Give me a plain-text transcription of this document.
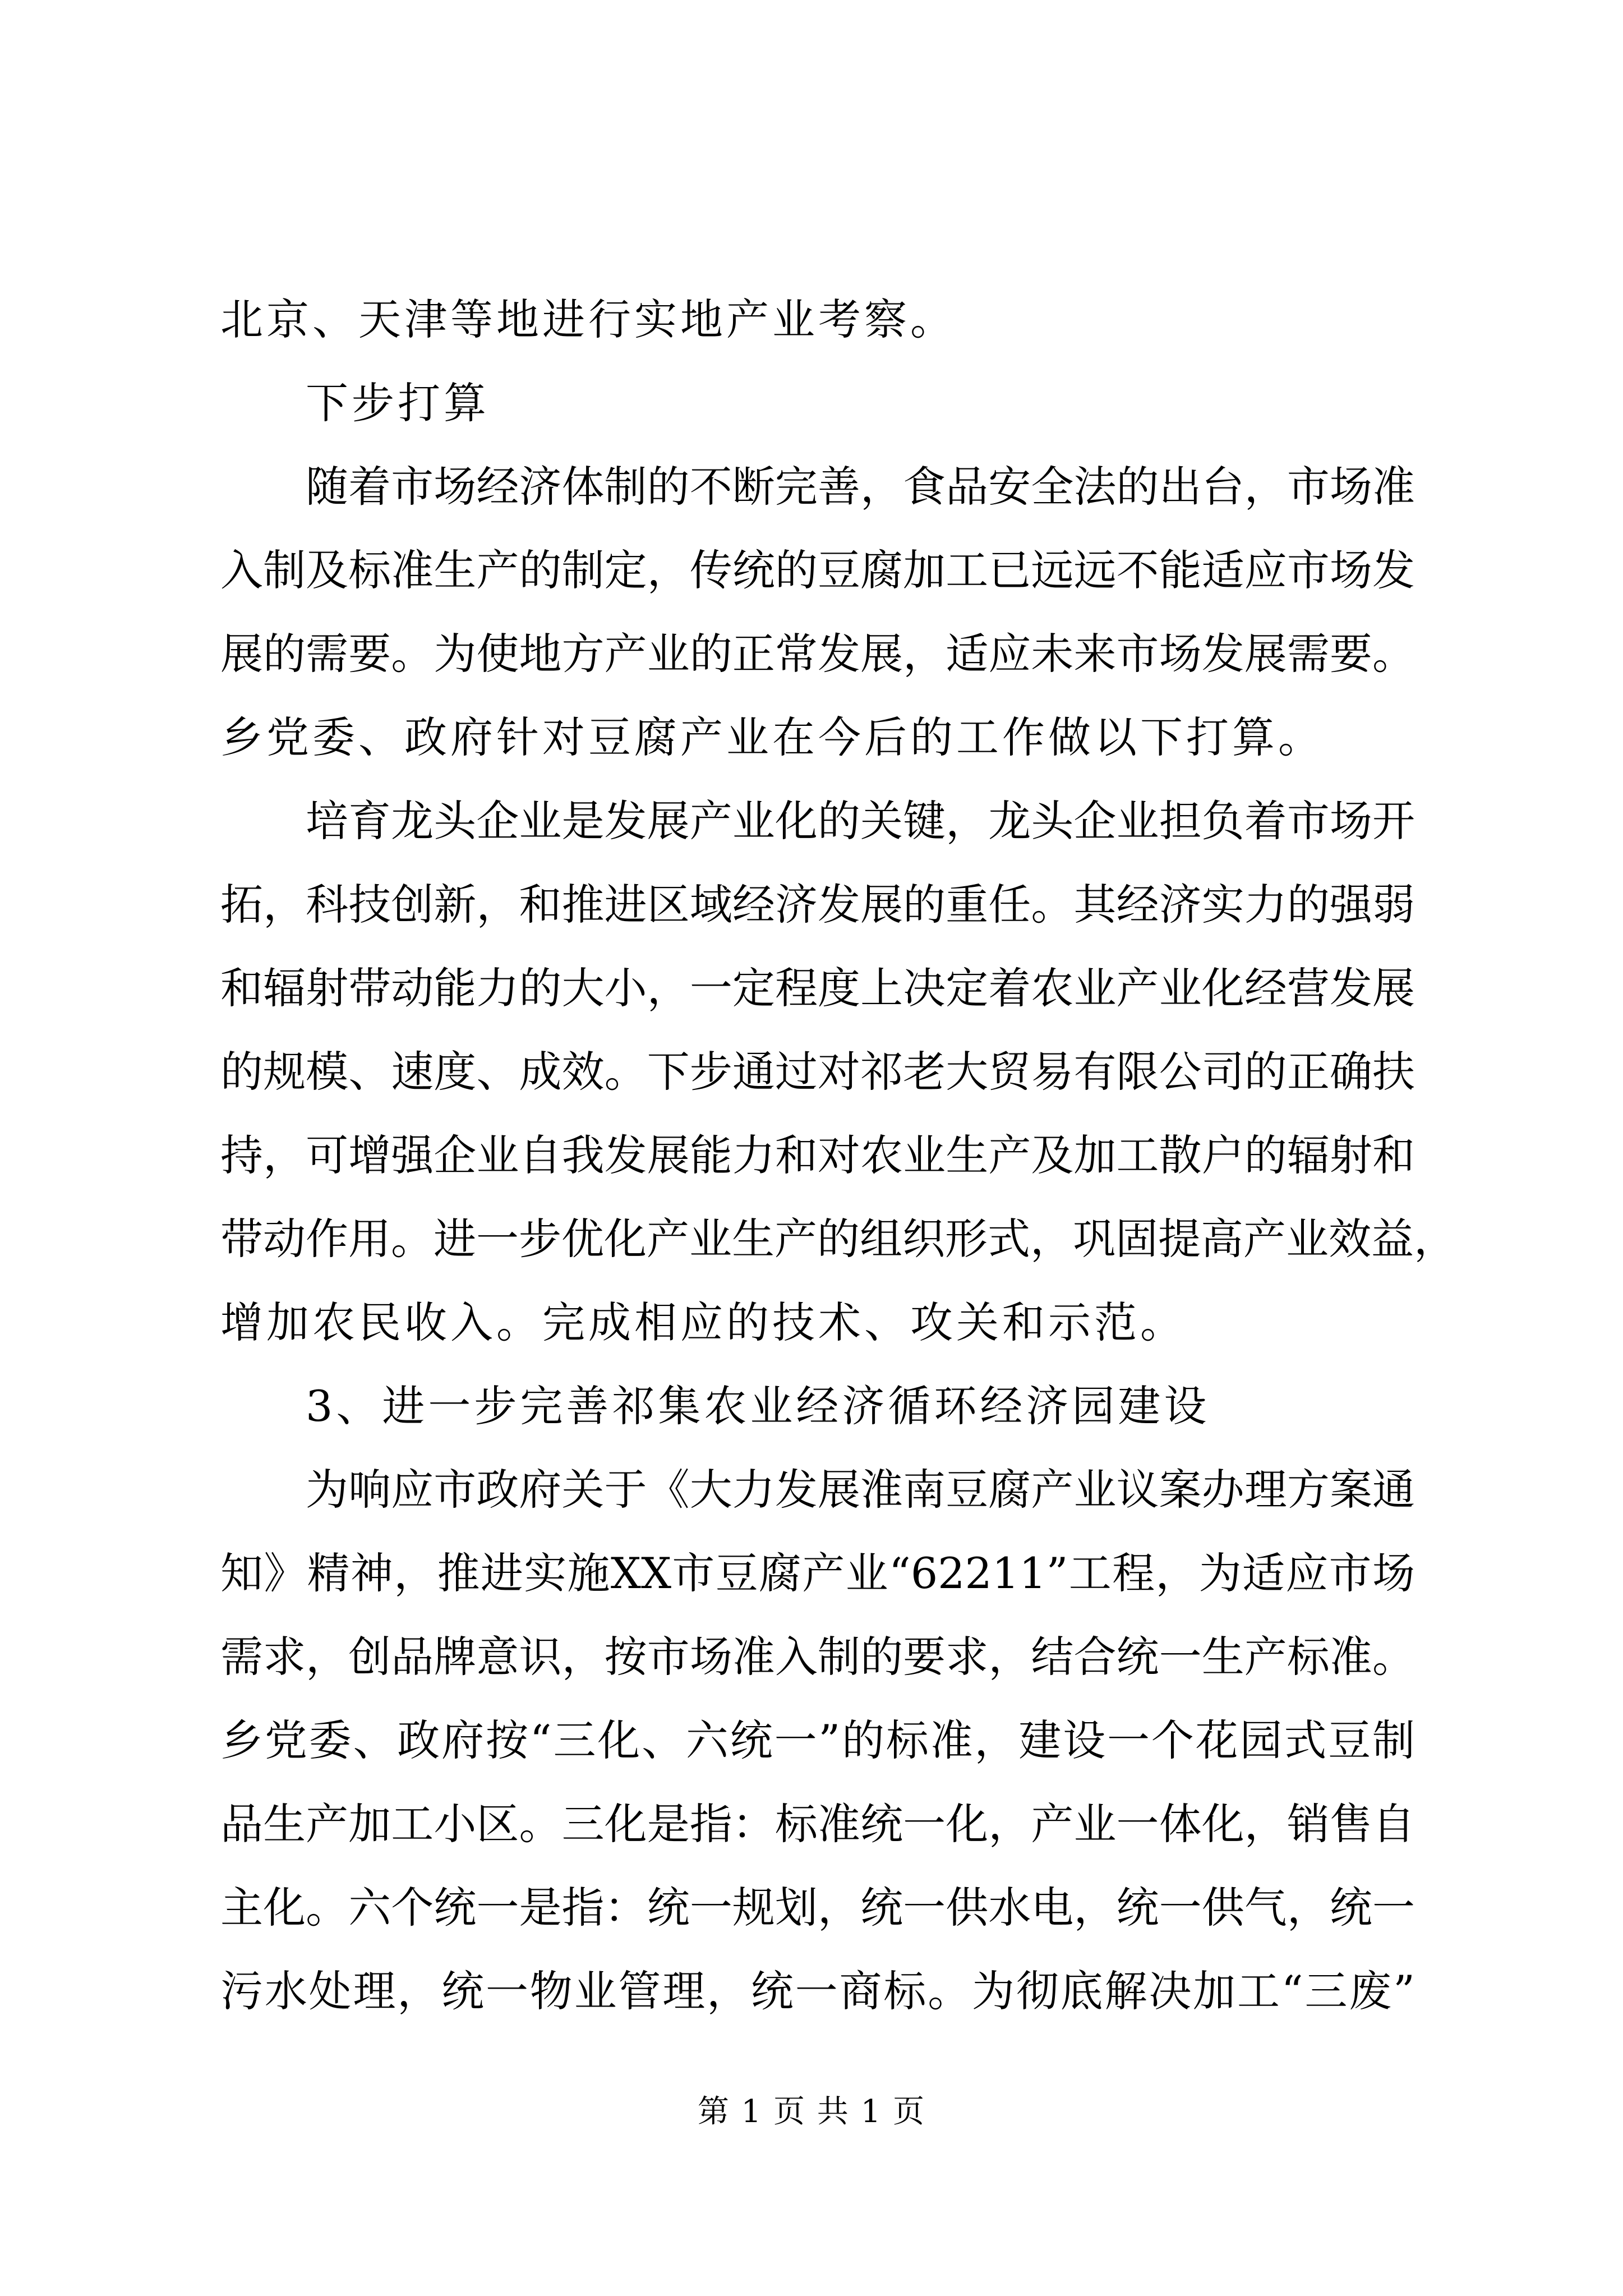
北京、天津等地进行实地产业考察。
下步打算
随着市场经济体制的不断完善，食品安全法的出台，市场准
入制及标准生产的制定，传统的豆腐加工已远远不能适应市场发
展的需要。为使地方产业的正常发展，适应未来市场发展需要。
乡党委、政府针对豆腐产业在今后的工作做以下打算。
培育龙头企业是发展产业化的关键，龙头企业担负着市场开
拓，科技创新，和推进区域经济发展的重任。其经济实力的强弱
和辐射带动能力的大小，一定程度上决定着农业产业化经营发展
的规模、速度、成效。下步通过对祁老大贸易有限公司的正确扶
持，可增强企业自我发展能力和对农业生产及加工散户的辐射和
带动作用。进一步优化产业生产的组织形式，巩固提高产业效益，
增加农民收入。完成相应的技术、攻关和示范。
3、进一步完善祁集农业经济循环经济园建设
为响应市政府关于《大力发展淮南豆腐产业议案办理方案通
知》精神，推进实施XX市豆腐产业“62211”工程，为适应市场
需求，创品牌意识，按市场准入制的要求，结合统一生产标准。
乡党委、政府按“三化、六统一”的标准，建设一个花园式豆制
品生产加工小区。三化是指：标准统一化，产业一体化，销售自
主化。六个统一是指：统一规划，统一供水电，统一供气，统一
污水处理，统一物业管理，统一商标。为彻底解决加工“三废”
第 1 页 共 1 页
